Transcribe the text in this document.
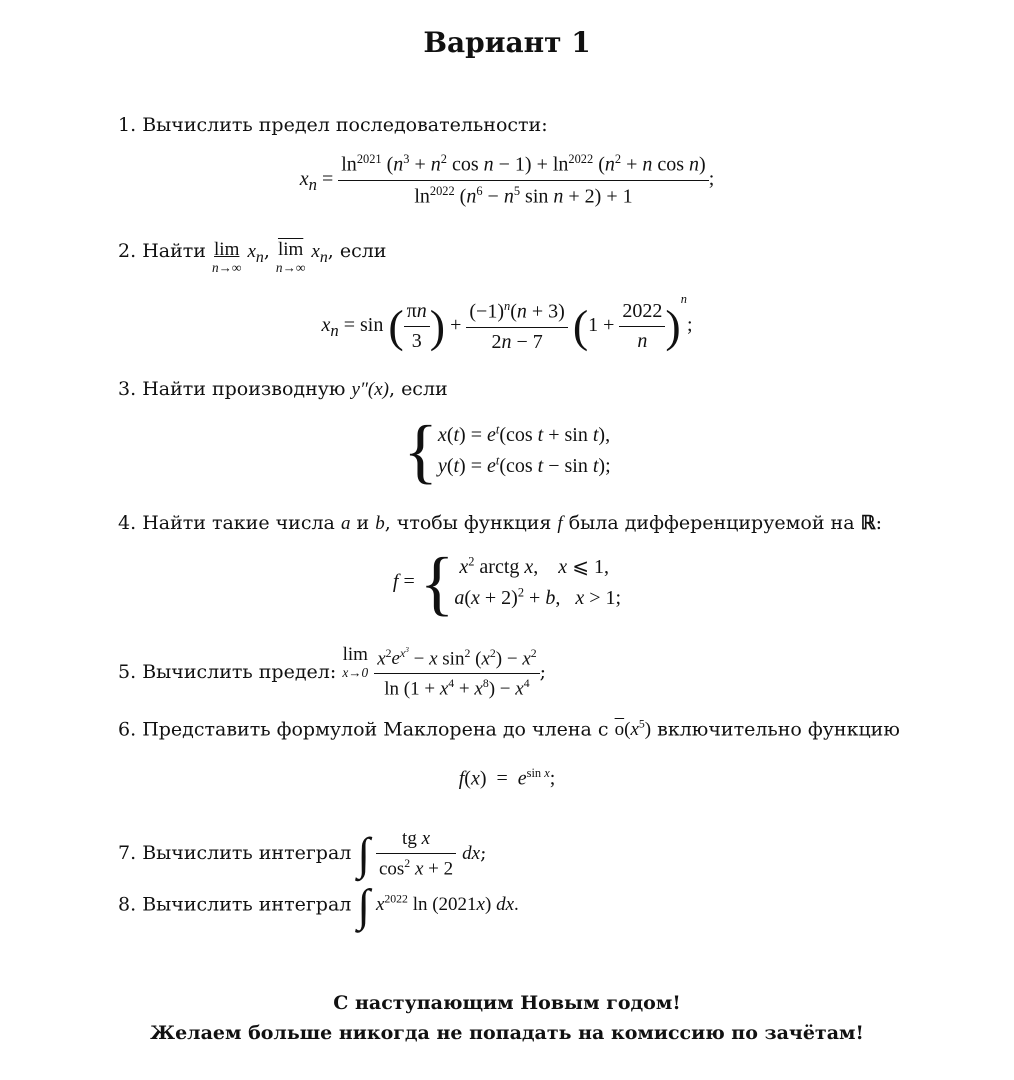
Вариант 1
1. Вычислить предел последовательности:
$x_n = \frac{\ln^{2021} (n^3 + n^2 \cos n - 1) + \ln^{2022} (n^2 + n \cos n)}{\ln^{2022} (n^6 - n^5 \sin n + 2) + 1}$ ;
2. Найти lim
n→∞
$x_n$, $\overline{lim}$
n→∞
$x_n$, если
$x_n = \sin$ ( $\frac{\pi n}{3}$ ) + $\frac{(-1)^n(n + 3)}{2n - 7} (1 + \frac{2022}{n} )^n$;
3. Найти производную y″(x), если
{$x(t) = e^t(\cos$ t + sin t),
$y(t) = e^t(\cos$ t − sin t);
4. Найти такие числа a и b, чтобы функция f была дифференцируемой на ℝ:
f = { $x^2$ arctg x,    x ⩽ 1,
$a(x + 2)^2 + b$,   x > 1;
5. Вычислить предел: lim
x→0
$\frac{x^2e^{x^3} - x \sin^2 (x^2) - x^2}{\ln (1 + x^4 + x^8) - x^4}$ ;
6. Представить формулой Маклорена до члена с $\overline{o}(x^5)$ включительно функцию
$f(x) = e^{sin x}$;
7. Вычислить интеграл ∫ $\frac{\text{tg x}}{\cos^2 x + 2}$ dx;
8. Вычислить интеграл ∫ $x^{2022}$ ln (2021x) dx.
С наступающим Новым годом!
Желаем больше никогда не попадать на комиссию по зачётам!
